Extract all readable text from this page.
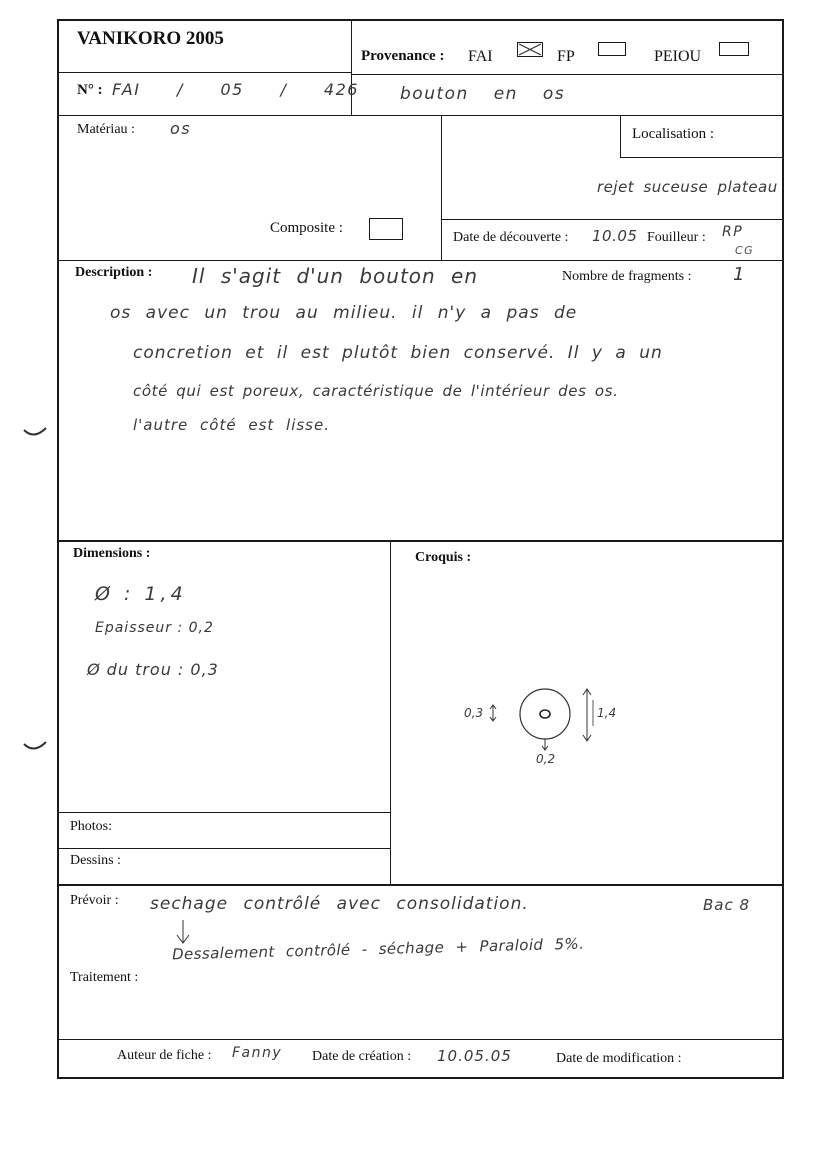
VANIKORO 2005
Provenance : FAI	FP	PEIOU
N° : FAI / 05 / 426 bouton en os
Matériau : os
Composite :
Localisation :
rejet suceuse plateau
Date de découverte : 10.05 Fouilleur : RP
CG
Description :	Nombre de fragments : 1
Il s'agit d'un bouton en
os avec un trou au milieu. il n'y a pas de
concretion et il est plutôt bien conservé. Il y a un
côté qui est poreux, caractéristique de l'intérieur des os.
l'autre côté est lisse.
Dimensions :
Ø : 1,4
Epaisseur : 0,2
Ø du trou : 0,3
Croquis :
0,3	1,4
0,2
Photos:
Dessins :
Prévoir : sechage contrôlé avec consolidation.	Bac 8
Traitement :
Dessalement contrôlé - séchage + Paraloid 5%.
Auteur de fiche : Fanny Date de création : 10.05.05	Date de modification :
